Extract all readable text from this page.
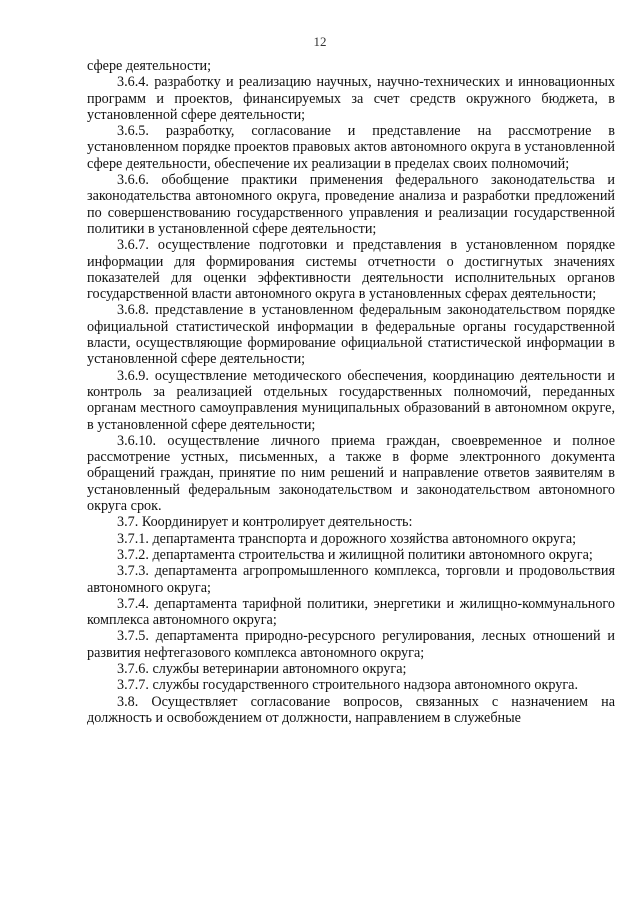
12

сфере деятельности;

3.6.4. разработку и реализацию научных, научно-технических и инновационных программ и проектов, финансируемых за счет средств окружного бюджета, в установленной сфере деятельности;

3.6.5. разработку, согласование и представление на рассмотрение в установленном порядке проектов правовых актов автономного округа в установленной сфере деятельности, обеспечение их реализации в пределах своих полномочий;

3.6.6. обобщение практики применения федерального законодательства и законодательства автономного округа, проведение анализа и разработки предложений по совершенствованию государственного управления и реализации государственной политики в установленной сфере деятельности;

3.6.7. осуществление подготовки и представления в установленном порядке информации для формирования системы отчетности о достигнутых значениях показателей для оценки эффективности деятельности исполнительных органов государственной власти автономного округа в установленных сферах деятельности;

3.6.8. представление в установленном федеральным законодательством порядке официальной статистической информации в федеральные органы государственной власти, осуществляющие формирование официальной статистической информации в установленной сфере деятельности;

3.6.9. осуществление методического обеспечения, координацию деятельности и контроль за реализацией отдельных государственных полномочий, переданных органам местного самоуправления муниципальных образований в автономном округе, в установленной сфере деятельности;

3.6.10. осуществление личного приема граждан, своевременное и полное рассмотрение устных, письменных, а также в форме электронного документа обращений граждан, принятие по ним решений и направление ответов заявителям в установленный федеральным законодательством и законодательством автономного округа срок.

3.7. Координирует и контролирует деятельность:

3.7.1. департамента транспорта и дорожного хозяйства автономного округа;

3.7.2. департамента строительства и жилищной политики автономного округа;

3.7.3. департамента агропромышленного комплекса, торговли и продовольствия автономного округа;

3.7.4. департамента тарифной политики, энергетики и жилищно-коммунального комплекса автономного округа;

3.7.5. департамента природно-ресурсного регулирования, лесных отношений и развития нефтегазового комплекса автономного округа;

3.7.6. службы ветеринарии автономного округа;

3.7.7. службы государственного строительного надзора автономного округа.

3.8. Осуществляет согласование вопросов, связанных с назначением на должность и освобождением от должности, направлением в служебные
